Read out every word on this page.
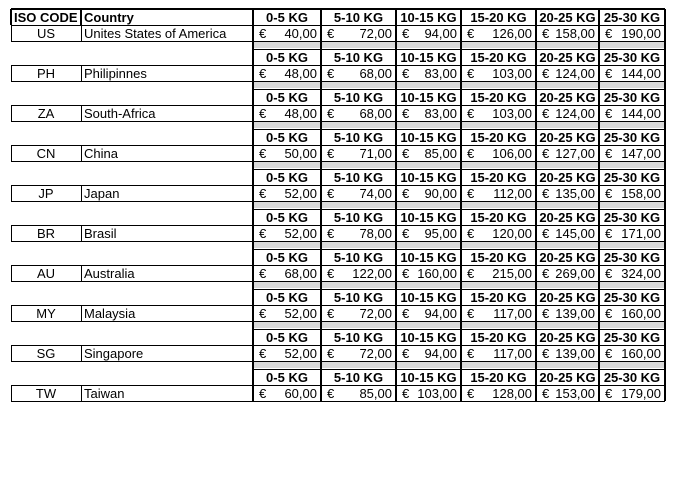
ISO CODE Country	0-5 KG	5-10 KG	10-15 KG	15-20 KG 20-25 KG 25-30 KG
US	Unites States of America	€ 40,00 € 72,00 € 94,00 € 126,00 € 158,00 € 190,00
0-5 KG	5-10 KG	10-15 KG	15-20 KG 20-25 KG 25-30 KG
PH	Philipinnes	€ 48,00 € 68,00 € 83,00 € 103,00 € 124,00 € 144,00
0-5 KG	5-10 KG	10-15 KG	15-20 KG 20-25 KG 25-30 KG
ZA	South-Africa	€ 48,00 € 68,00 € 83,00 € 103,00 € 124,00 € 144,00
0-5 KG	5-10 KG	10-15 KG	15-20 KG 20-25 KG 25-30 KG
CN	China	€ 50,00 € 71,00 € 85,00 € 106,00 € 127,00 € 147,00
0-5 KG	5-10 KG	10-15 KG	15-20 KG 20-25 KG 25-30 KG
JP	Japan	€ 52,00 € 74,00 € 90,00 € 112,00 € 135,00 € 158,00
0-5 KG	5-10 KG	10-15 KG	15-20 KG 20-25 KG 25-30 KG
BR	Brasil	€ 52,00 € 78,00 € 95,00 € 120,00 € 145,00 € 171,00
0-5 KG	5-10 KG	10-15 KG	15-20 KG 20-25 KG 25-30 KG
AU	Australia	€ 68,00 € 122,00 € 160,00 € 215,00 € 269,00 € 324,00
0-5 KG	5-10 KG	10-15 KG	15-20 KG 20-25 KG 25-30 KG
MY	Malaysia	€ 52,00 € 72,00 € 94,00 € 117,00 € 139,00 € 160,00
0-5 KG	5-10 KG	10-15 KG	15-20 KG 20-25 KG 25-30 KG
SG	Singapore	€ 52,00 € 72,00 € 94,00 € 117,00 € 139,00 € 160,00
0-5 KG	5-10 KG	10-15 KG	15-20 KG 20-25 KG 25-30 KG
TW	Taiwan	€ 60,00 € 85,00 € 103,00 € 128,00 € 153,00 € 179,00
